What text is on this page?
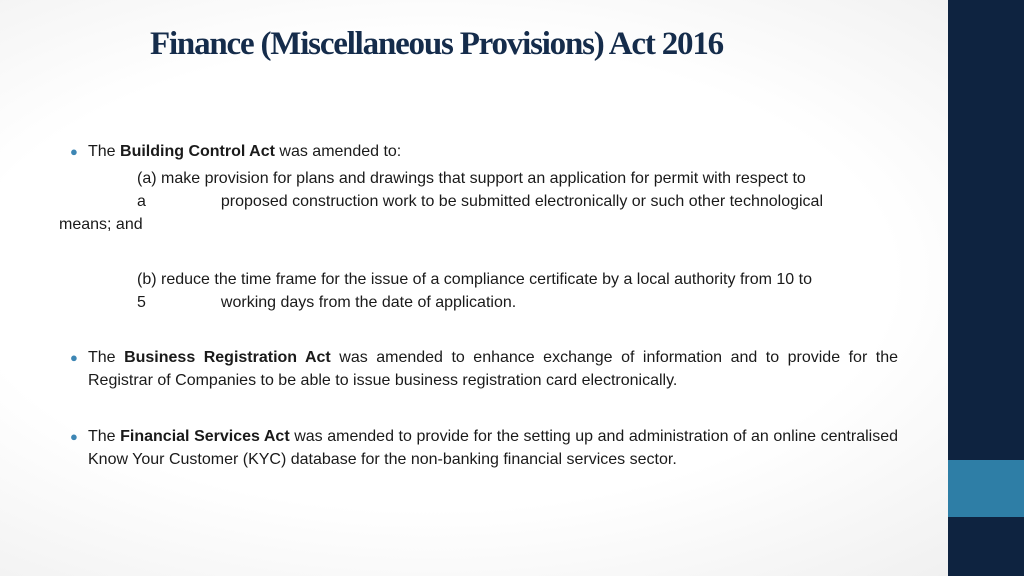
Finance (Miscellaneous Provisions) Act 2016
● The Building Control Act was amended to:
(a) make provision for plans and drawings that support an application for permit with respect to
a	proposed construction work to be submitted electronically or such other technological
means; and
(b) reduce the time frame for the issue of a compliance certificate by a local authority from 10 to
5	working days from the date of application.
● The Business Registration Act was amended to enhance exchange of information and to provide for the Registrar of Companies to be able to issue business registration card electronically.
● The Financial Services Act was amended to provide for the setting up and administration of an online centralised Know Your Customer (KYC) database for the non-banking financial services sector.
